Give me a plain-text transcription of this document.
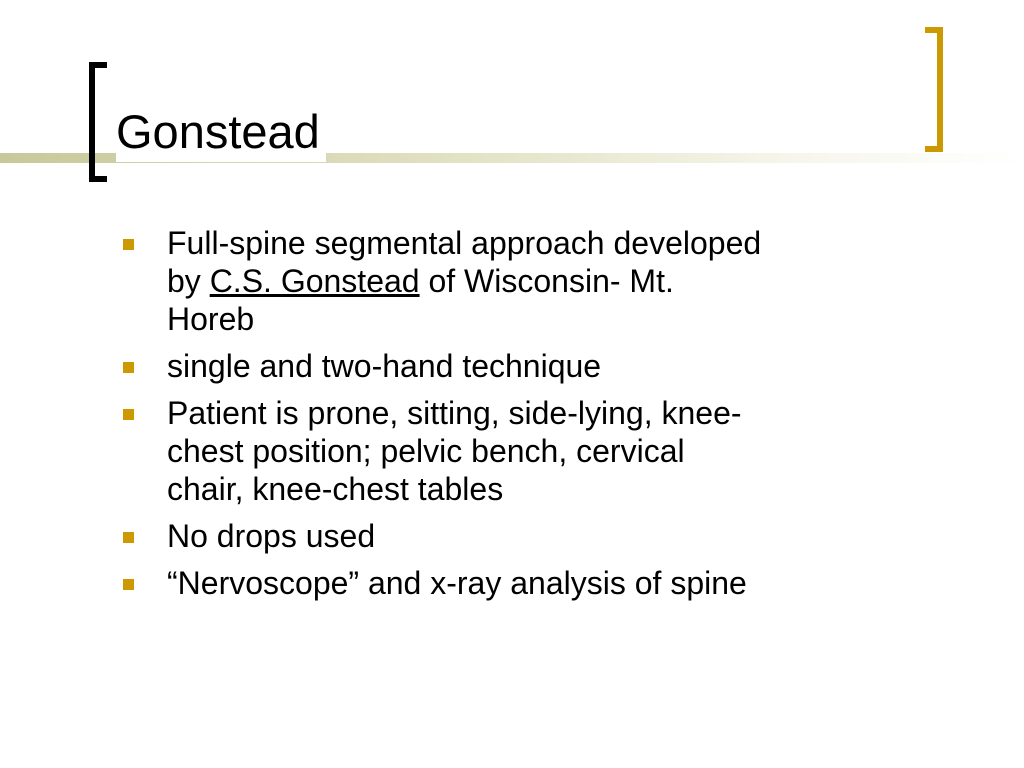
Gonstead
Full-spine segmental approach developed by C.S. Gonstead of Wisconsin- Mt. Horeb
single and two-hand technique
Patient is prone, sitting, side-lying, knee-chest position; pelvic bench, cervical chair, knee-chest tables
No drops used
“Nervoscope” and x-ray analysis of spine
